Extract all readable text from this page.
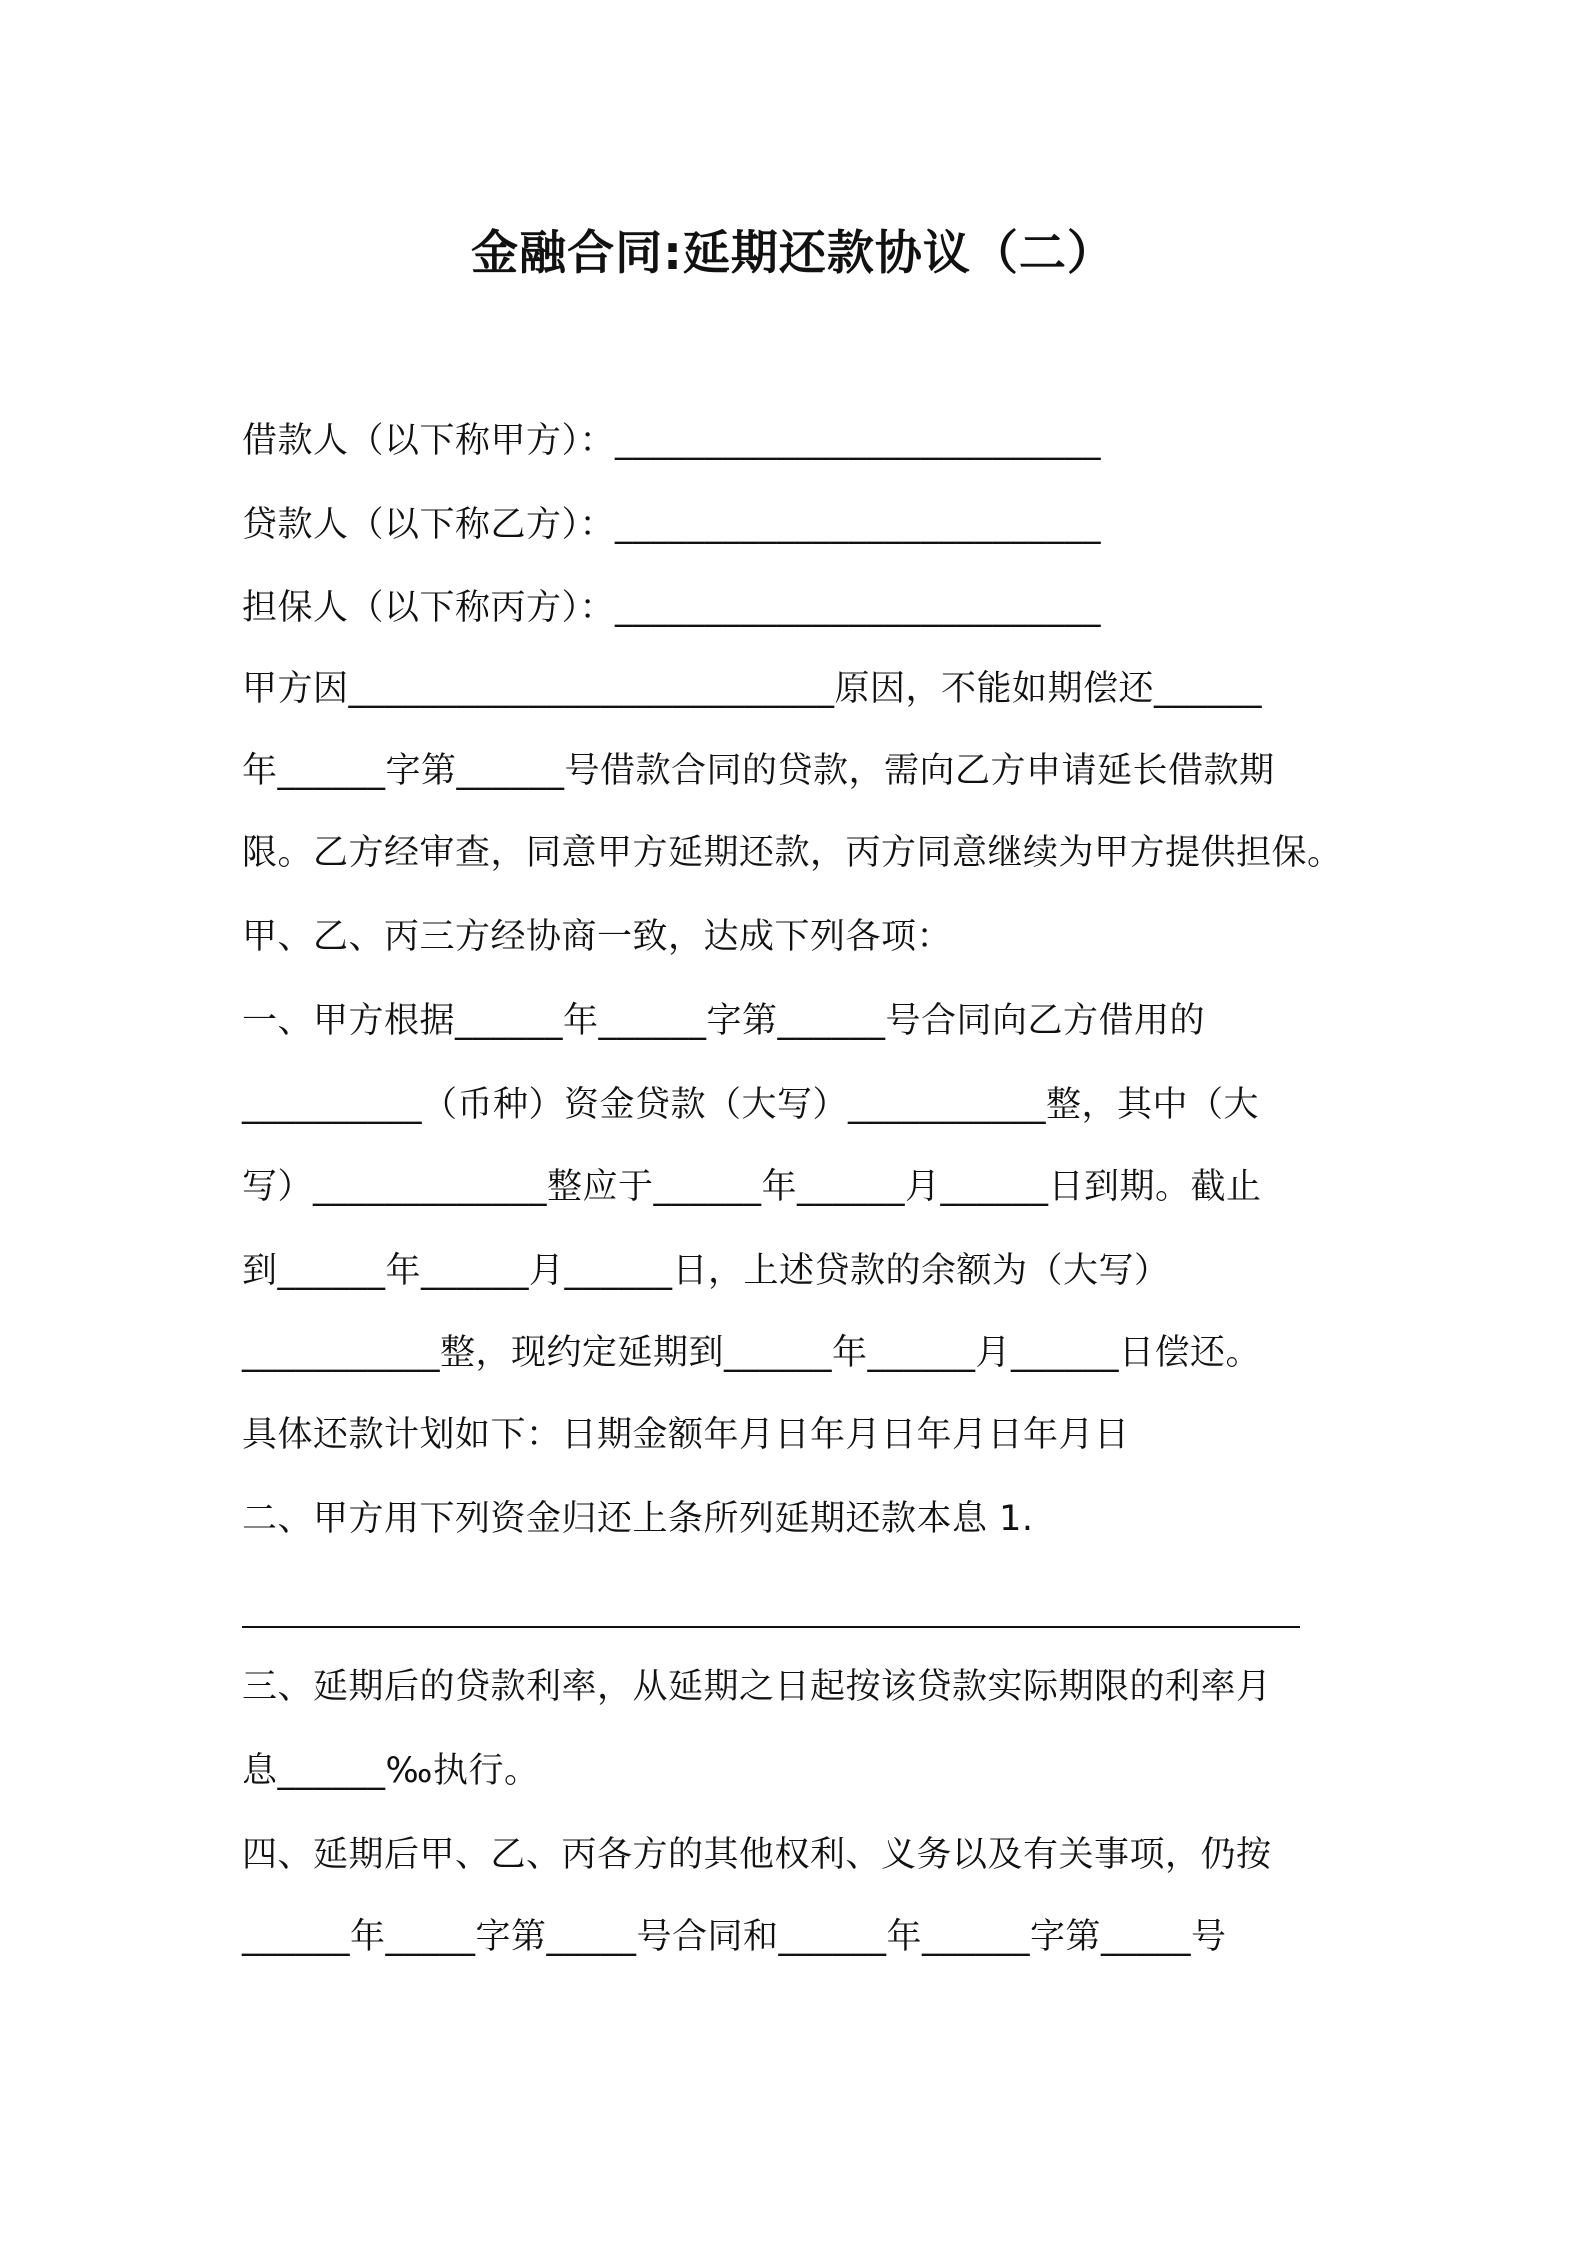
金融合同:延期还款协议（二）
借款人（以下称甲方）：___________________________
贷款人（以下称乙方）：___________________________
担保人（以下称丙方）：___________________________
甲方因___________________________原因，不能如期偿还______
年______字第______号借款合同的贷款，需向乙方申请延长借款期
限。乙方经审查，同意甲方延期还款，丙方同意继续为甲方提供担保。
甲、乙、丙三方经协商一致，达成下列各项：
一、甲方根据______年______字第______号合同向乙方借用的
__________（币种）资金贷款（大写）___________整，其中（大
写）_____________整应于______年______月______日到期。截止
到______年______月______日，上述贷款的余额为（大写）
___________整，现约定延期到______年______月______日偿还。
具体还款计划如下：日期金额年月日年月日年月日年月日
二、甲方用下列资金归还上条所列延期还款本息 1.
三、延期后的贷款利率，从延期之日起按该贷款实际期限的利率月
息______‰执行。
四、延期后甲、乙、丙各方的其他权利、义务以及有关事项，仍按
______年_____字第_____号合同和______年______字第_____号
